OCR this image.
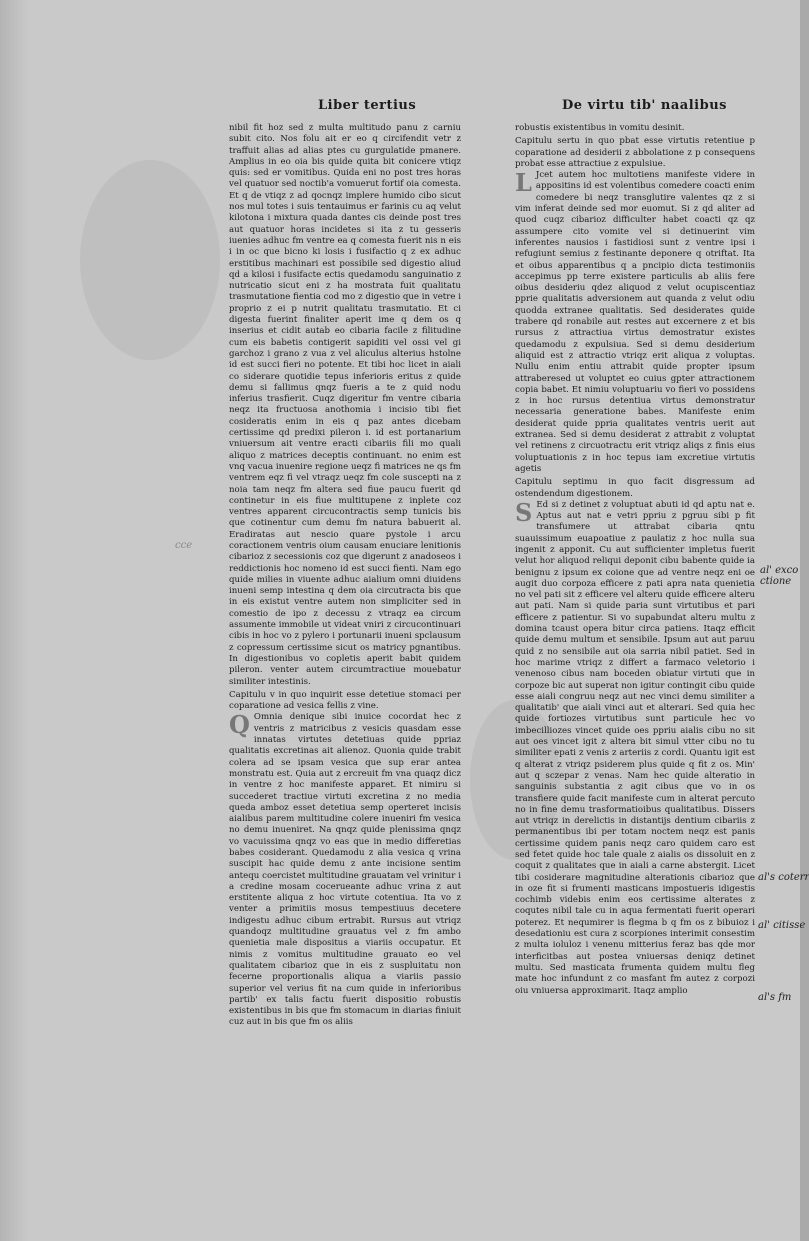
Liber tertius	De virtu tib' naalibus

nibil fit hoz sed z multa multitudo panu z carniu subit cito. Nos folu ait er eo q circifendit vetr z traffuit alias ad alias ptes cu gurgulatide pmanere. Amplius in eo oia bis quide quita bit conicere vtiqz quis: sed er vomitibus. Quida eni no post tres horas vel quatuor sed noctib'a vomuerut fortif oia comesta. Et q de vtiqz z ad qocnqz implere humido cibo sicut nos mul totes i suis tentauimus er farinis cu aq velut kilotona i mixtura quada dantes cis deinde post tres aut quatuor horas incidetes si ita z tu gesseris iuenies adhuc fm ventre ea q comesta fuerit nis n eis i in oc que bicno ki losis i fusifactio q z ex adhuc erstitibus machinari est possibile sed digestio aliud qd a kilosi i fusifacte ectis quedamodu sanguinatio z nutricatio sicut eni z ha mostrata fuit qualitatu trasmutatione fientia cod mo z digestio que in vetre i proprio z ei p nutrit qualitatu trasmutatio. Et ci digesta fuerint finaliter aperit ime q dem os q inserius et cidit autab eo cibaria facile z filitudine cum eis babetis contigerit sapiditi vel ossi vel gi garchoz i grano z vua z vel aliculus alterius hstolne id est succi fieri no potente. Et tibi hoc licet in aiali co siderare quotidie tepus inferioris eritus z quide demu si fallimus qnqz fueris a te z quid nodu inferius trasfierit. Cuqz digeritur fm ventre cibaria neqz ita fructuosa anothomia i incisio tibi fiet cosideratis enim in eis q paz antes dicebam certissime qd predixi pileron i. id est portanarium vniuersum ait ventre eracti cibariis fili mo quali aliquo z matrices deceptis continuant. no enim est vnq vacua inuenire regione ueqz fi matrices ne qs fm ventrem eqz fi vel vtraqz ueqz fm cole suscepti na z noia tam neqz fm altera sed fiue paucu fuerit qd continetur in eis fiue multitupene z inplete coz ventres apparent circucontractis semp tunicis bis que cotinentur cum demu fm natura babuerit al. Eradiratas aut nescio quare pystole i arcu coractionem ventris oium causam enuciare lenitionis cibarioz z secessionis coz que digerunt z anadoseos i reddictionis hoc nomeno id est succi fienti. Nam ego quide milies in viuente adhuc aialium omni diuidens inueni semp intestina q dem oia circutracta bis que in eis existut ventre autem non simpliciter sed in comestio de ipo z decessu z vtraqz ea circum assumente immobile ut videat vniri z circucontinuari cibis in hoc vo z pylero i portunarii inueni spclausum z copressum certissime sicut os matricy pgnantibus. In digestionibus vo copletis aperit babit quidem pileron. venter autem circumtractiue mouebatur similiter intestinis.

Capitulu v in quo inquirit esse detetiue stomaci per coparatione ad vesica fellis z vine.

Q Omnia denique sibi inuice cocordat hec z ventris z matricibus z vesicis quasdam esse innatas virtutes detetiuas quide ppriaz qualitatis excretinas ait alienoz. Quonia quide trabit colera ad se ipsam vesica que sup erar antea monstratu est. Quia aut z ercreuit fm vna quaqz dicz in ventre z hoc manifeste apparet. Et nimiru si succederet tractiue virtuti excretina z no media queda amboz esset detetiua semp operteret incisis aialibus parem multitudine colere inueniri fm vesica no demu inueniret. Na qnqz quide plenissima qnqz vo vacuissima qnqz vo eas que in medio differetias babes cosiderant. Quedamodu z alia vesica q vrina suscipit hac quide demu z ante incisione sentim antequ coercistet multitudine grauatam vel vrinitur i a credine mosam cocerueante adhuc vrina z aut erstitente aliqua z hoc virtute cotentiua. Ita vo z venter a primitiis mosus tempestiuus decetere indigestu adhuc cibum ertrabit. Rursus aut vtriqz quandoqz multitudine grauatus vel z fm ambo quenietia male dispositus a viariis occupatur. Et nimis z vomitus multitudine grauato eo vel qualitatem cibarioz que in eis z suspluitatu non fecerne proportionalis aliqua a viariis passio superior vel verius fit na cum quide in inferioribus partib' ex talis factu fuerit dispositio robustis existentibus in bis que fm stomacum in diarias finiuit cuz aut in bis que fm os aliis

robustis existentibus in vomitu desinit.

Capitulu sertu in quo pbat esse virtutis retentiue p coparatione ad desiderii z abbolatione z p consequens probat esse attractiue z expulsiue.

L Jcet autem hoc multotiens manifeste videre in appositins id est volentibus comedere coacti enim comedere bi neqz transglutire valentes qz z si vim inferat deinde sed mor euomut. Si z qd aliter ad quod cuqz cibarioz difficulter habet coacti qz qz assumpere cito vomite vel si detinuerint vim inferentes nausios i fastidiosi sunt z ventre ipsi i refugiunt semius z festinante deponere q otriftat. Ita et oibus apparentibus q a pncipio dicta testimoniis accepimus pp terre existere particulis ab aliis fere oibus desideriu qdez aliquod z velut ocupiscentiaz pprie qualitatis adversionem aut quanda z velut odiu quodda extranee qualitatis. Sed desiderates quide trabere qd ronabile aut restes aut excernere z et bis rursus z attractiua virtus demostratur existes quedamodu z expulsiua. Sed si demu desiderium aliquid est z attractio vtriqz erit aliqua z voluptas. Nullu enim entiu attrabit quide propter ipsum attraberesed ut voluptet eo cuius gpter attractionem copia babet. Et nimiu voluptuariu vo fieri vo possidens z in hoc rursus detentiua virtus demonstratur necessaria generatione babes. Manifeste enim desiderat quide ppria qualitates ventris uerit aut extranea. Sed si demu desiderat z attrabit z voluptat vel retinens z circuotractu erit vtriqz aliqs z finis eius voluptuationis z in hoc tepus iam excretiue virtutis agetis

Capitulu septimu in quo facit disgressum ad ostendendum digestionem.

S Ed si z detinet z voluptuat abuti id qd aptu nat e. Aptus aut nat e vetri ppriu z pgruu sibi p fit transfumere ut attrabat cibaria qntu suauissimum euapoatiue z paulatiz z hoc nulla sua ingenit z apponit. Cu aut sufficienter impletus fuerit velut hor aliquod reliqui deponit cibu babente quide ia benignu z ipsum ex coione que ad ventre neqz eni oe augit duo corpoza efficere z pati apra nata quenietia no vel pati sit z efficere vel alteru quide efficere alteru aut pati. Nam si quide paria sunt virtutibus et pari efficere z patientur. Si vo supabundat alteru multu z domina tcaust opera bitur circa patiens. Itaqz efficit quide demu multum et sensibile. Ipsum aut aut paruu quid z no sensibile aut oia sarria nibil patiet. Sed in hoc marime vtriqz z differt a farmaco veletorio i venenoso cibus nam boceden obiatur virtuti que in corpoze bic aut superat non igitur contingit cibu quide esse aiali congruu neqz aut nec vinci demu similiter a qualitatib' que aiali vinci aut et alterari. Sed quia hec quide fortiozes virtutibus sunt particule hec vo imbecilliozes vincet quide oes ppriu aialis cibu no sit aut oes vincet igit z altera bit simul vtter cibu no tu similiter epati z venis z arteriis z cordi. Quantu igit est q alterat z vtriqz psiderem plus quide q fit z os. Min' aut q sczepar z venas. Nam hec quide alteratio in sanguinis substantia z agit cibus que vo in os transfiere quide facit manifeste cum in alterat percuto no in fine demu trasformatioibus qualitatibus. Dissers aut vtriqz in derelictis in distantijs dentium cibariis z permanentibus ibi per totam noctem neqz est panis certissime quidem panis neqz caro quidem caro est sed fetet quide hoc tale quale z aialis os dissoluit en z coquit z qualitates que in aiali a carne abstergit. Licet tibi cosiderare magnitudine alterationis cibarioz que in oze fit si frumenti masticans impostueris idigestis cochimb videbis enim eos certissime alterates z coqutes nibil tale cu in aqua fermentati fuerit operari poterez. Et nequmirer is flegma b q fm os z bibuioz i desedationiu est cura z scorpiones interimit consestim z multa ioluloz i venenu mitterius feraz bas qde mor interficitbas aut postea vniuersas deniqz detinet multu. Sed masticata frumenta quidem multu fleg mate hoc infundunt z co masfant fm autez z corpozi oiu vniuersa approximarit. Itaqz amplio

cce
al' exco ctione
al's coterr
al' citisse
al's fm
